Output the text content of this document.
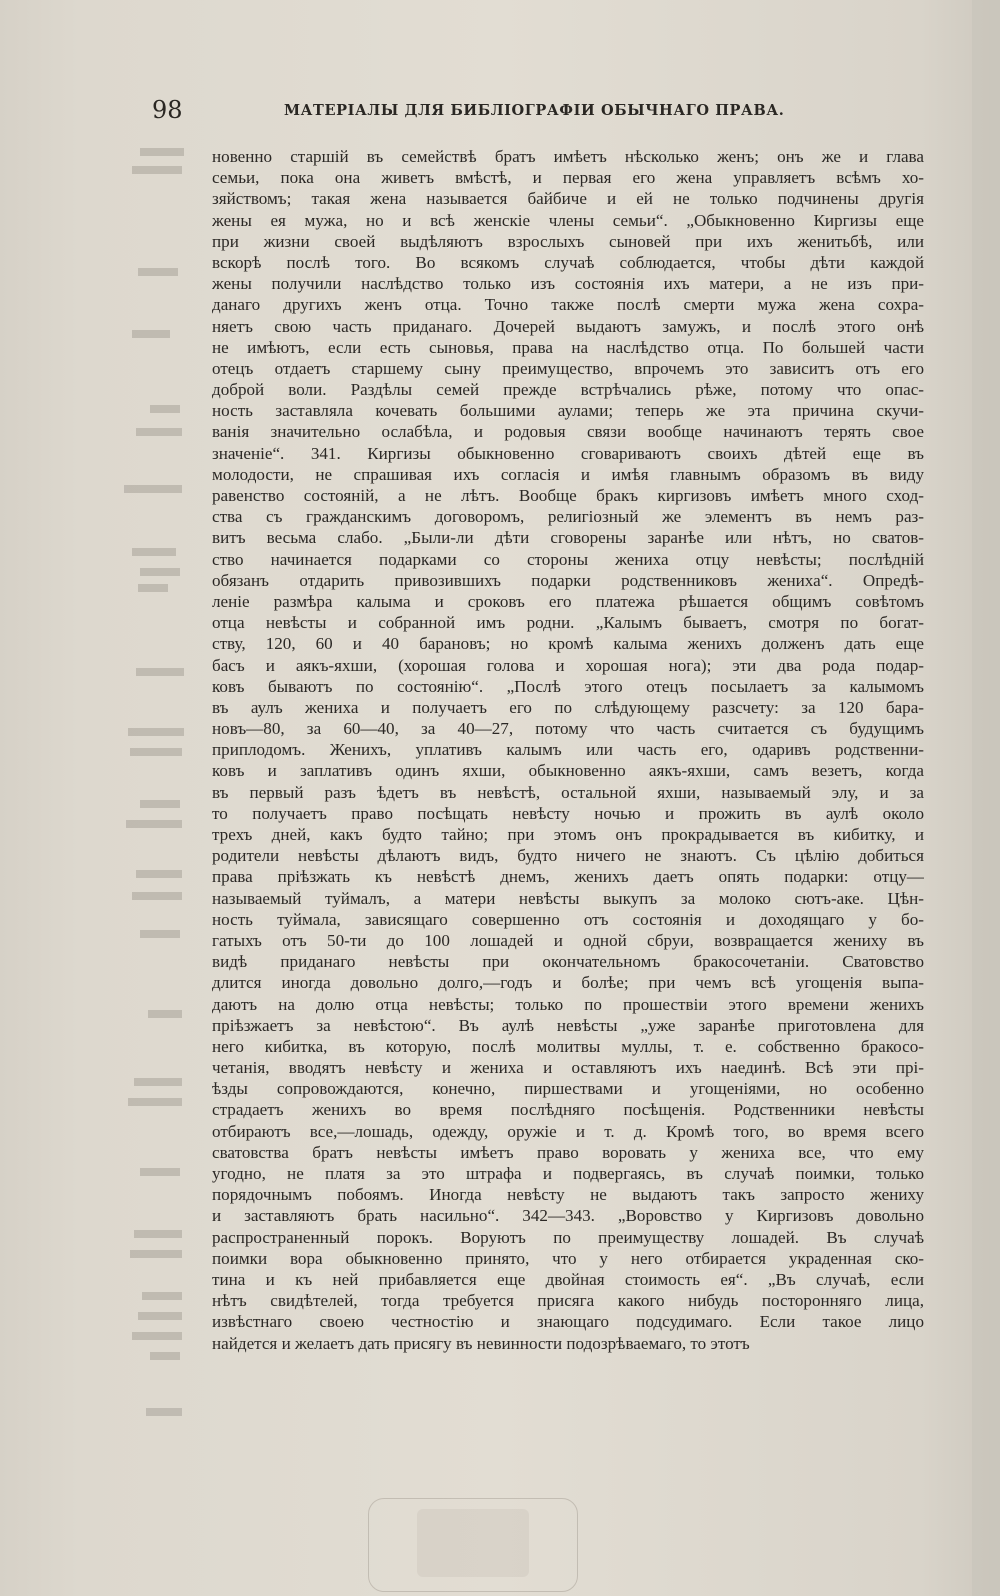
98	МАТЕРІАЛЫ ДЛЯ БИБЛІОГРАФІИ ОБЫЧНАГО ПРАВА.
новенно старшій въ семействѣ братъ имѣетъ нѣсколько женъ; онъ же и глава
семьи, пока она живетъ вмѣстѣ, и первая его жена управляетъ всѣмъ хо-
зяйствомъ; такая жена называется байбиче и ей не только подчинены другія
жены ея мужа, но и всѣ женскіе члены семьи“. „Обыкновенно Киргизы еще
при жизни своей выдѣляютъ взрослыхъ сыновей при ихъ женитьбѣ, или
вскорѣ послѣ того. Во всякомъ случаѣ соблюдается, чтобы дѣти каждой
жены получили наслѣдство только изъ состоянія ихъ матери, а не изъ при-
данаго другихъ женъ отца. Точно также послѣ смерти мужа жена сохра-
няетъ свою часть приданаго. Дочерей выдаютъ замужъ, и послѣ этого онѣ
не имѣютъ, если есть сыновья, права на наслѣдство отца. По большей части
отецъ отдаетъ старшему сыну преимущество, впрочемъ это зависитъ отъ его
доброй воли. Раздѣлы семей прежде встрѣчались рѣже, потому что опас-
ность заставляла кочевать большими аулами; теперь же эта причина скучи-
ванія значительно ослабѣла, и родовыя связи вообще начинаютъ терять свое
значеніе“. 341. Киргизы обыкновенно сговариваютъ своихъ дѣтей еще въ
молодости, не спрашивая ихъ согласія и имѣя главнымъ образомъ въ виду
равенство состояній, а не лѣтъ. Вообще бракъ киргизовъ имѣетъ много сход-
ства съ гражданскимъ договоромъ, религіозный же элементъ въ немъ раз-
витъ весьма слабо. „Были-ли дѣти сговорены заранѣе или нѣтъ, но сватов-
ство начинается подарками со стороны жениха отцу невѣсты; послѣдній
обязанъ отдарить привозившихъ подарки родственниковъ жениха“. Опредѣ-
леніе размѣра калыма и сроковъ его платежа рѣшается общимъ совѣтомъ
отца невѣсты и собранной имъ родни. „Калымъ бываетъ, смотря по богат-
ству, 120, 60 и 40 барановъ; но кромѣ калыма женихъ долженъ дать еще
басъ и аякъ-яхши, (хорошая голова и хорошая нога); эти два рода подар-
ковъ бываютъ по состоянію“. „Послѣ этого отецъ посылаетъ за калымомъ
въ аулъ жениха и получаетъ его по слѣдующему разсчету: за 120 бара-
новъ—80, за 60—40, за 40—27, потому что часть считается съ будущимъ
приплодомъ. Женихъ, уплативъ калымъ или часть его, одаривъ родственни-
ковъ и заплативъ одинъ яхши, обыкновенно аякъ-яхши, самъ везетъ, когда
въ первый разъ ѣдетъ въ невѣстѣ, остальной яхши, называемый элу, и за
то получаетъ право посѣщать невѣсту ночью и прожить въ аулѣ около
трехъ дней, какъ будто тайно; при этомъ онъ прокрадывается въ кибитку, и
родители невѣсты дѣлаютъ видъ, будто ничего не знаютъ. Съ цѣлію добиться
права пріѣзжать къ невѣстѣ днемъ, женихъ даетъ опять подарки: отцу—
называемый туймалъ, а матери невѣсты выкупъ за молоко сютъ-аке. Цѣн-
ность туймала, зависящаго совершенно отъ состоянія и доходящаго у бо-
гатыхъ отъ 50-ти до 100 лошадей и одной сбруи, возвращается жениху въ
видѣ приданаго невѣсты при окончательномъ бракосочетаніи. Сватовство
длится иногда довольно долго,—годъ и болѣе; при чемъ всѣ угощенія выпа-
даютъ на долю отца невѣсты; только по прошествіи этого времени женихъ
пріѣзжаетъ за невѣстою“. Въ аулѣ невѣсты „уже заранѣе приготовлена для
него кибитка, въ которую, послѣ молитвы муллы, т. е. собственно бракосо-
четанія, вводятъ невѣсту и жениха и оставляютъ ихъ наединѣ. Всѣ эти прі-
ѣзды сопровождаются, конечно, пиршествами и угощеніями, но особенно
страдаетъ женихъ во время послѣдняго посѣщенія. Родственники невѣсты
отбираютъ все,—лошадь, одежду, оружіе и т. д. Кромѣ того, во время всего
сватовства братъ невѣсты имѣетъ право воровать у жениха все, что ему
угодно, не платя за это штрафа и подвергаясь, въ случаѣ поимки, только
порядочнымъ побоямъ. Иногда невѣсту не выдаютъ такъ запросто жениху
и заставляютъ брать насильно“. 342—343. „Воровство у Киргизовъ довольно
распространенный порокъ. Воруютъ по преимуществу лошадей. Въ случаѣ
поимки вора обыкновенно принято, что у него отбирается украденная ско-
тина и къ ней прибавляется еще двойная стоимость ея“. „Въ случаѣ, если
нѣтъ свидѣтелей, тогда требуется присяга какого нибудь посторонняго лица,
извѣстнаго своею честностію и знающаго подсудимаго. Если такое лицо
найдется и желаетъ дать присягу въ невинности подозрѣваемаго, то этотъ
